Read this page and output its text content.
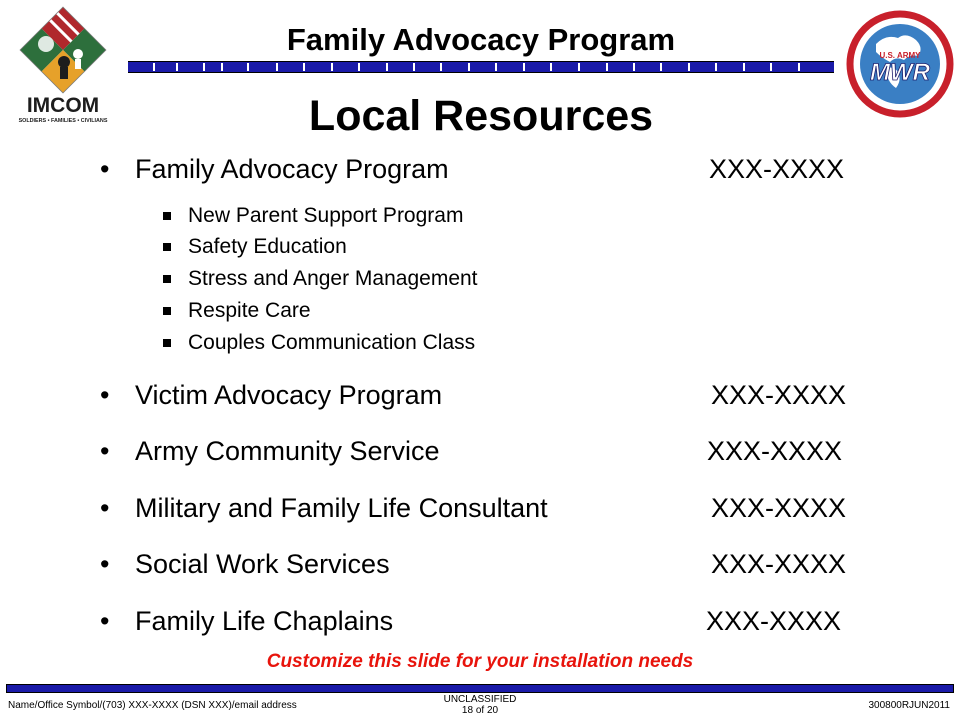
IMCOM
SOLDIERS • FAMILIES • CIVILIANS
Family Advocacy Program	U.S. ARMY
MWR
Local Resources
• Family Advocacy Program	XXX-XXXX
New Parent Support Program
Safety Education
Stress and Anger Management
Respite Care
Couples Communication Class
• Victim Advocacy Program	XXX-XXXX
• Army Community Service	XXX-XXXX
• Military and Family Life Consultant	XXX-XXXX
• Social Work Services	XXX-XXXX
• Family Life Chaplains	XXX-XXXX
Customize this slide for your installation needs
Name/Office Symbol/(703) XXX-XXXX (DSN XXX)/email address
UNCLASSIFIED
18 of 20	300800RJUN2011
